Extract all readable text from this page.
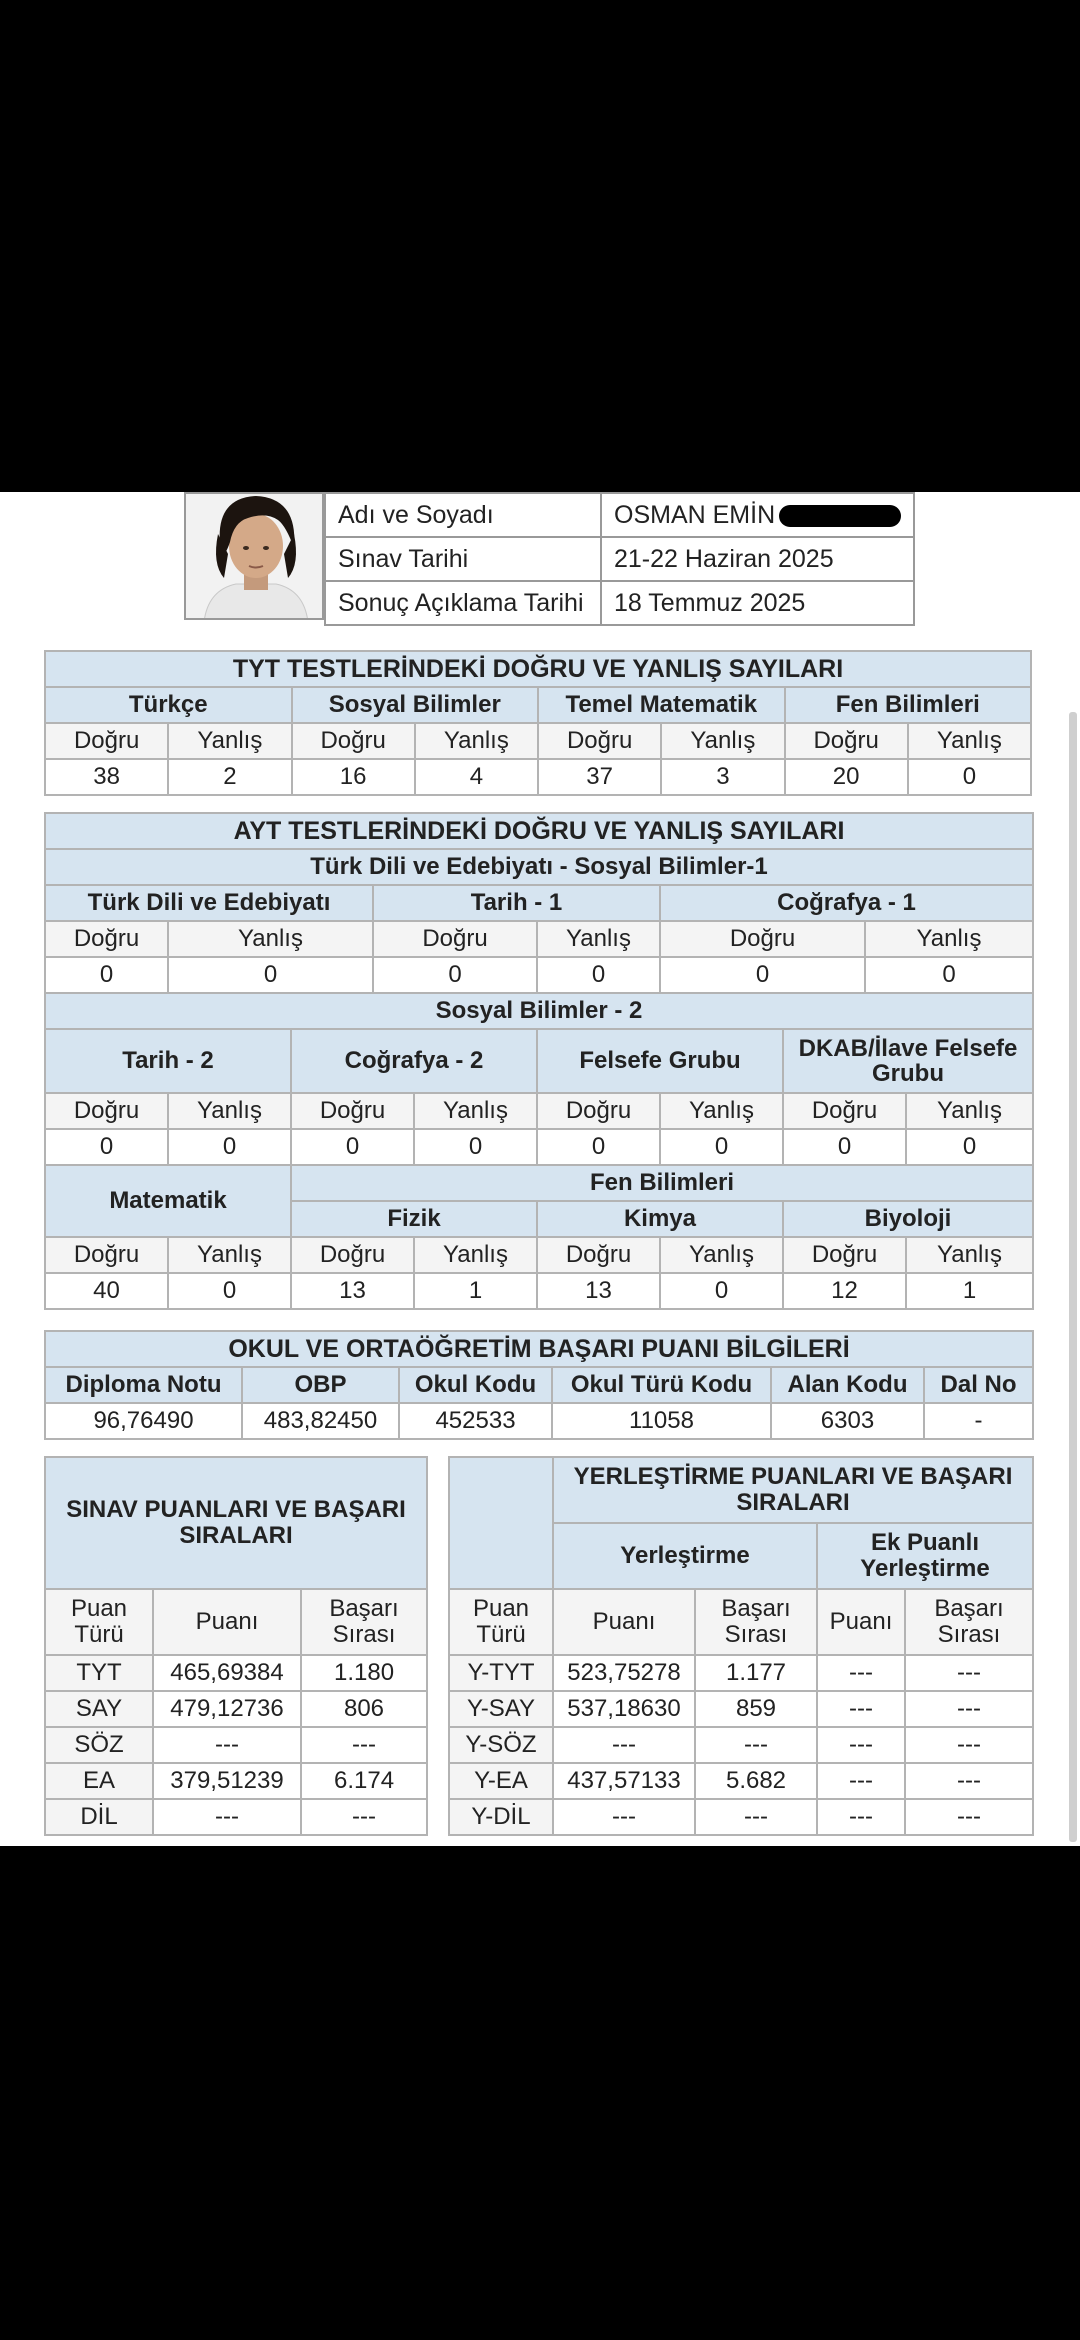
Adı ve Soyadı	OSMAN EMİN
Sınav Tarihi	21-22 Haziran 2025
Sonuç Açıklama Tarihi	18 Temmuz 2025
TYT TESTLERİNDEKİ DOĞRU VE YANLIŞ SAYILARI							
Türkçe		Sosyal Bilimler		Temel Matematik		Fen Bilimleri	
Doğru	Yanlış	Doğru	Yanlış	Doğru	Yanlış	Doğru	Yanlış
38	2	16	4	37	3	20	0
AYT TESTLERİNDEKİ DOĞRU VE YANLIŞ SAYILARI									
Türk Dili ve Edebiyatı - Sosyal Bilimler-1									
Türk Dili ve Edebiyatı			Tarih - 1			Coğrafya - 1			
Doğru	Yanlış		Doğru		Yanlış	Doğru		Yanlış	
0	0		0		0	0		0	
Sosyal Bilimler - 2									
Tarih - 2		Coğrafya - 2			Felsefe Grubu		DKAB/İlave Felsefe Grubu		
Doğru	Yanlış	Doğru		Yanlış	Doğru	Yanlış	Doğru		Yanlış
0	0	0		0	0	0	0		0
Matematik		Fen Bilimleri							
		Fizik			Kimya		Biyoloji		
Doğru	Yanlış	Doğru		Yanlış	Doğru	Yanlış	Doğru		Yanlış
40	0	13		1	13	0	12		1
OKUL VE ORTAÖĞRETİM BAŞARI PUANI BİLGİLERİ					
Diploma Notu	OBP	Okul Kodu	Okul Türü Kodu	Alan Kodu	Dal No
96,76490	483,82450	452533	11058	6303	-
SINAV PUANLARI VE BAŞARI SIRALARI		
Puan Türü	Puanı	Başarı Sırası
TYT	465,69384	1.180
SAY	479,12736	806
SÖZ	---	---
EA	379,51239	6.174
DİL	---	---
	YERLEŞTİRME PUANLARI VE BAŞARI SIRALARI			
	Yerleştirme		Ek Puanlı Yerleştirme	
Puan Türü	Puanı	Başarı Sırası	Puanı	Başarı Sırası
Y-TYT	523,75278	1.177	---	---
Y-SAY	537,18630	859	---	---
Y-SÖZ	---	---	---	---
Y-EA	437,57133	5.682	---	---
Y-DİL	---	---	---	---
